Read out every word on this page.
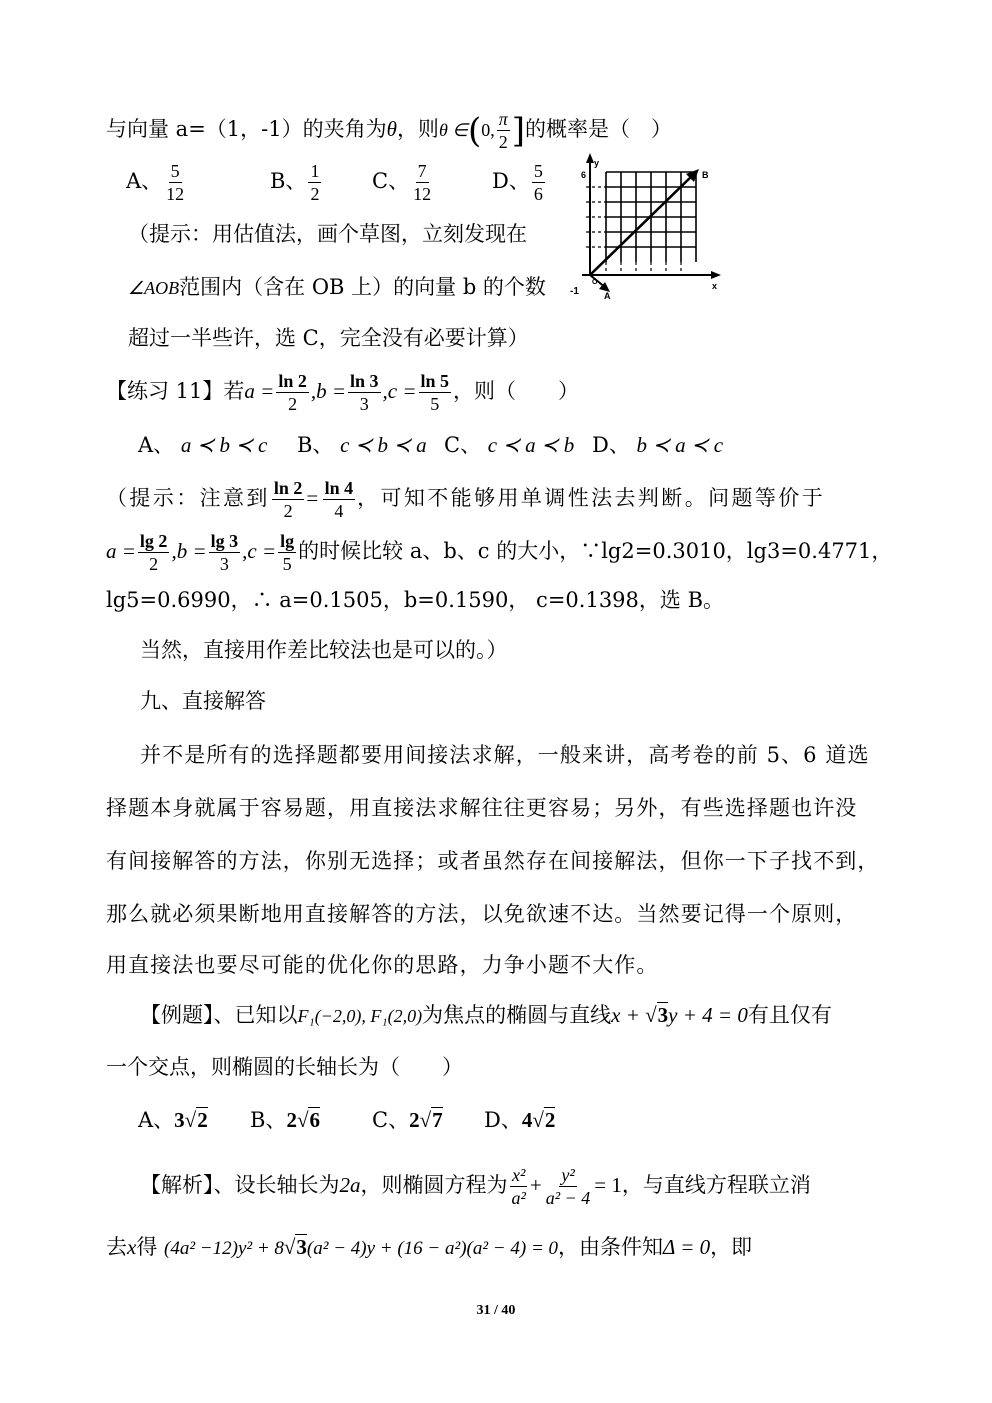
与向量 a=（1，-1）的夹角为θ，则θ ∈(0, $\frac{\pi}{2}$ ]的概率是（　）
A、 $\frac{5}{12}$	B、 $\frac{1}{2}$ C、 $\frac{7}{12}$	D、 $\frac{5}{6}$
（提示：用估值法，画个草图，立刻发现在
∠AOB范围内（含在 OB 上）的向量 b 的个数
超过一半些许，选 C，完全没有必要计算）
B
6
y
x
-1	A
O
【练习 11】若$a = \frac{\ln 2}{2} ,b = \frac{\ln 3}{3} ,c = \frac{\ln 5}{5}$ ，则（　　）
A、 a ≺ b ≺ c B、 c ≺ b ≺ a C、 c ≺ a ≺ b D、 b ≺ a ≺ c
（提示：注意到 $\frac{\ln 2}{2} = \frac{\ln 4}{4}$ ，可知不能够用单调性法去判断。问题等价于
$a = \frac{\lg 2}{2} ,b = \frac{\lg 3}{3} ,c = \frac{\lg}{5}$ 的时候比较 a、b、c 的大小，∵lg2=0.3010，lg3=0.4771，
lg5=0.6990，∴ a=0.1505，b=0.1590， c=0.1398，选 B。
当然，直接用作差比较法也是可以的。）
九、直接解答
并不是所有的选择题都要用间接法求解，一般来讲，高考卷的前 5、6 道选
择题本身就属于容易题，用直接法求解往往更容易；另外，有些选择题也许没
有间接解答的方法，你别无选择；或者虽然存在间接解法，但你一下子找不到，
那么就必须果断地用直接解答的方法，以免欲速不达。当然要记得一个原则，
用直接法也要尽可能的优化你的思路，力争小题不大作。
【例题】、已知以F₁(−2,0), F₁(2,0)为焦点的椭圆与直线x + √3y + 4 = 0有且仅有
一个交点，则椭圆的长轴长为（　　）
A、3√2 B、2√6 C、2√7 D、4√2
【解析】、设长轴长为2a，则椭圆方程为 $\frac{\text{x²}}{\text{a²}} + \frac{\text{y²}}{\text{a² − 4}} = 1$，与直线方程联立消
去x得 (4a² −12)y² + 8√3(a² − 4)y + (16 − a²)(a² − 4) = 0，由条件知Δ = 0，即
31 / 40
